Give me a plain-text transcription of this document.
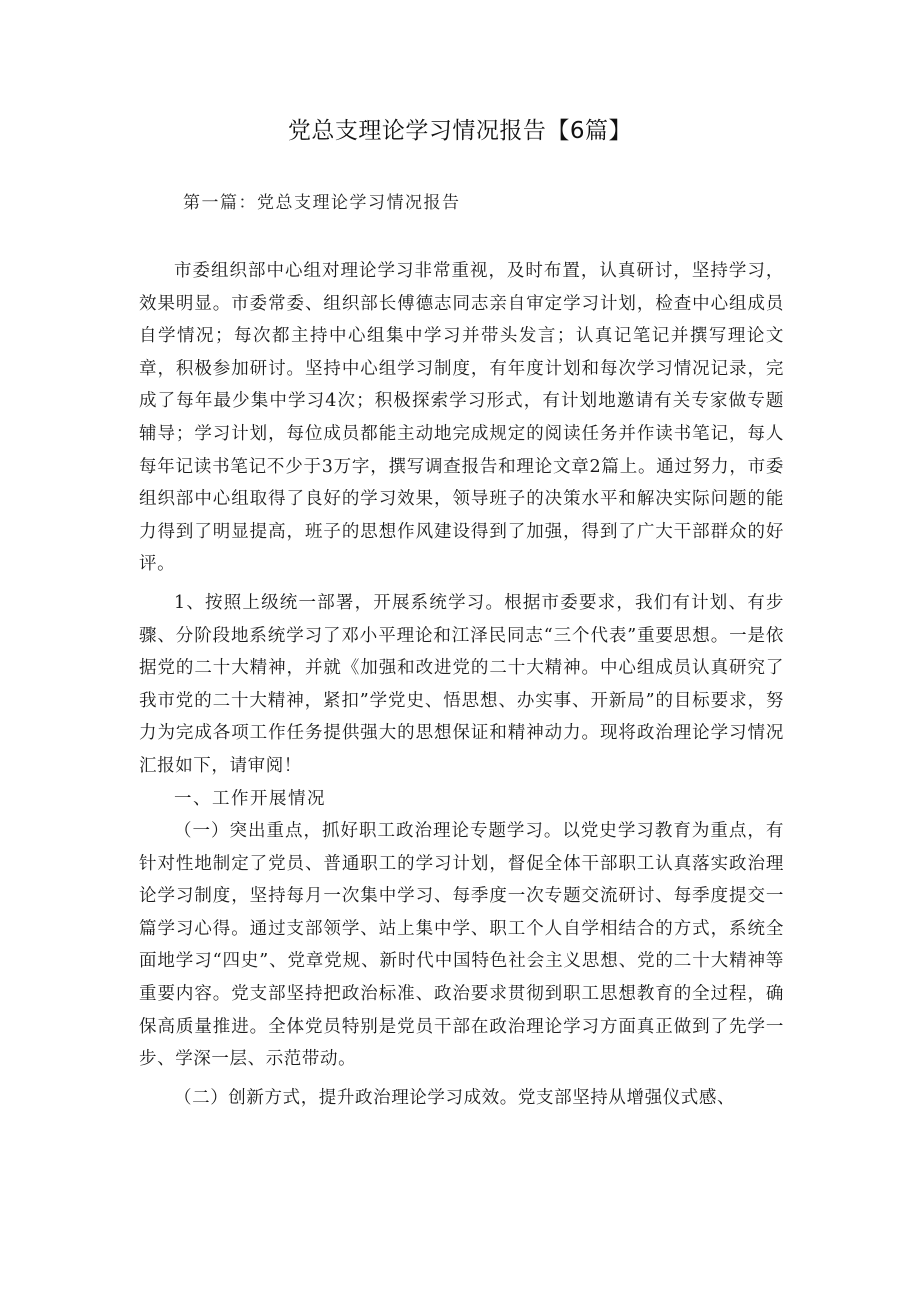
党总支理论学习情况报告【6篇】
第一篇：党总支理论学习情况报告

市委组织部中心组对理论学习非常重视，及时布置，认真研讨，坚持学习，效果明显。市委常委、组织部长傅德志同志亲自审定学习计划，检查中心组成员自学情况；每次都主持中心组集中学习并带头发言；认真记笔记并撰写理论文章，积极参加研讨。坚持中心组学习制度，有年度计划和每次学习情况记录，完成了每年最少集中学习4次；积极探索学习形式，有计划地邀请有关专家做专题辅导；学习计划，每位成员都能主动地完成规定的阅读任务并作读书笔记，每人每年记读书笔记不少于3万字，撰写调查报告和理论文章2篇上。通过努力，市委组织部中心组取得了良好的学习效果，领导班子的决策水平和解决实际问题的能力得到了明显提高，班子的思想作风建设得到了加强，得到了广大干部群众的好评。

1、按照上级统一部署，开展系统学习。根据市委要求，我们有计划、有步骤、分阶段地系统学习了邓小平理论和江泽民同志“三个代表”重要思想。一是依据党的二十大精神，并就《加强和改进党的二十大精神。中心组成员认真研究了我市党的二十大精神，紧扣”学党史、悟思想、办实事、开新局”的目标要求，努力为完成各项工作任务提供强大的思想保证和精神动力。现将政治理论学习情况汇报如下，请审阅！

一、工作开展情况

（一）突出重点，抓好职工政治理论专题学习。以党史学习教育为重点，有针对性地制定了党员、普通职工的学习计划，督促全体干部职工认真落实政治理论学习制度，坚持每月一次集中学习、每季度一次专题交流研讨、每季度提交一篇学习心得。通过支部领学、站上集中学、职工个人自学相结合的方式，系统全面地学习“四史”、党章党规、新时代中国特色社会主义思想、党的二十大精神等重要内容。党支部坚持把政治标准、政治要求贯彻到职工思想教育的全过程，确保高质量推进。全体党员特别是党员干部在政治理论学习方面真正做到了先学一步、学深一层、示范带动。

（二）创新方式，提升政治理论学习成效。党支部坚持从增强仪式感、
